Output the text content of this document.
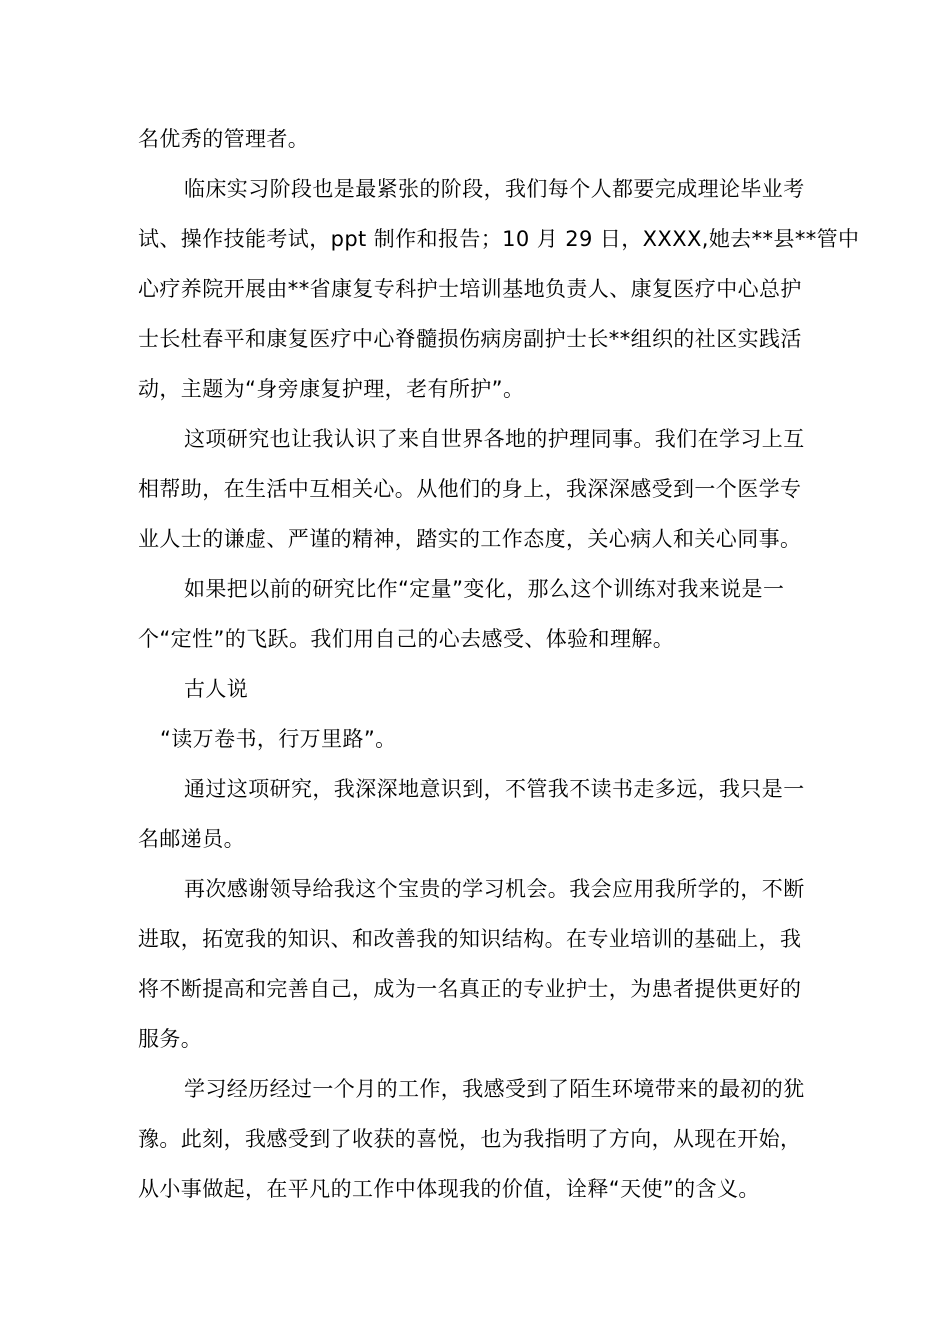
名优秀的管理者。
临床实习阶段也是最紧张的阶段，我们每个人都要完成理论毕业考
试、操作技能考试，ppt 制作和报告；10 月 29 日，XXXX,她去**县**管中
心疗养院开展由**省康复专科护士培训基地负责人、康复医疗中心总护
士长杜春平和康复医疗中心脊髓损伤病房副护士长**组织的社区实践活
动，主题为“身旁康复护理，老有所护”。
这项研究也让我认识了来自世界各地的护理同事。我们在学习上互
相帮助，在生活中互相关心。从他们的身上，我深深感受到一个医学专
业人士的谦虚、严谨的精神，踏实的工作态度，关心病人和关心同事。
如果把以前的研究比作“定量”变化，那么这个训练对我来说是一
个“定性”的飞跃。我们用自己的心去感受、体验和理解。
古人说
“读万卷书，行万里路”。
通过这项研究，我深深地意识到，不管我不读书走多远，我只是一
名邮递员。
再次感谢领导给我这个宝贵的学习机会。我会应用我所学的，不断
进取，拓宽我的知识、和改善我的知识结构。在专业培训的基础上，我
将不断提高和完善自己，成为一名真正的专业护士，为患者提供更好的
服务。
学习经历经过一个月的工作，我感受到了陌生环境带来的最初的犹
豫。此刻，我感受到了收获的喜悦，也为我指明了方向，从现在开始，
从小事做起，在平凡的工作中体现我的价值，诠释“天使”的含义。
